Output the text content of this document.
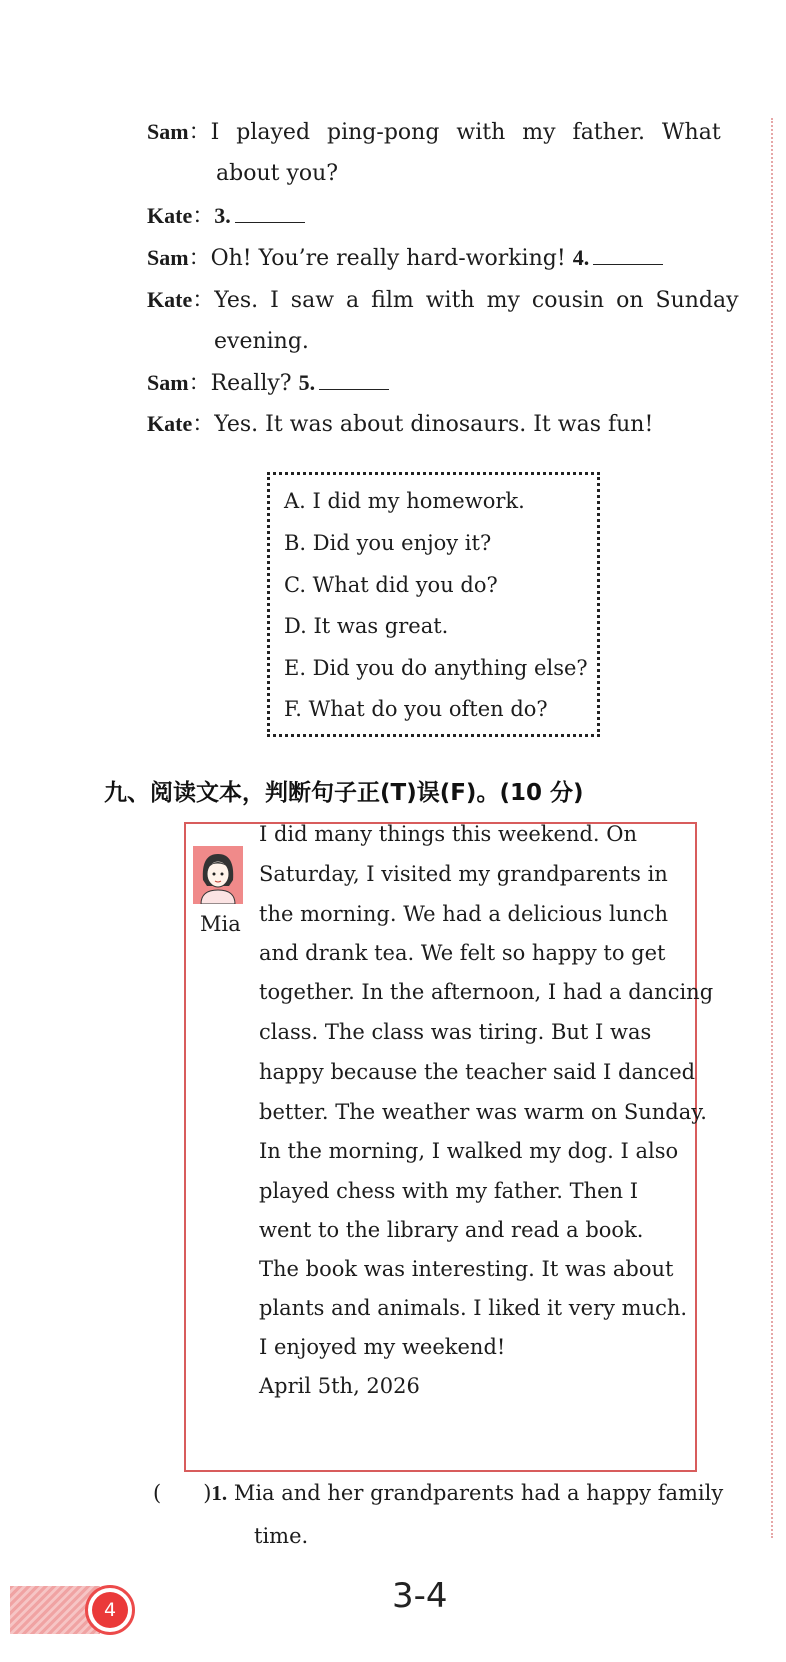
Sam：I played ping-pong with my father. What
about you?
Kate：3.
Sam：Oh! You’re really hard-working! 4.
Kate：Yes. I saw a film with my cousin on Sunday
evening.
Sam：Really? 5.
Kate：Yes. It was about dinosaurs. It was fun!
A. I did my homework.
B. Did you enjoy it?
C. What did you do?
D. It was great.
E. Did you do anything else?
F. What do you often do?
九、阅读文本，判断句子正(T)误(F)。(10 分)
Mia
I did many things this weekend. On
Saturday, I visited my grandparents in
the morning. We had a delicious lunch
and drank tea. We felt so happy to get
together. In the afternoon, I had a dancing
class. The class was tiring. But I was
happy because the teacher said I danced
better. The weather was warm on Sunday.
In the morning, I walked my dog. I also
played chess with my father. Then I
went to the library and read a book.
The book was interesting. It was about
plants and animals. I liked it very much.
I enjoyed my weekend!
April 5th, 2026
(　　)1. Mia and her grandparents had a happy family
time.
4	3-4
